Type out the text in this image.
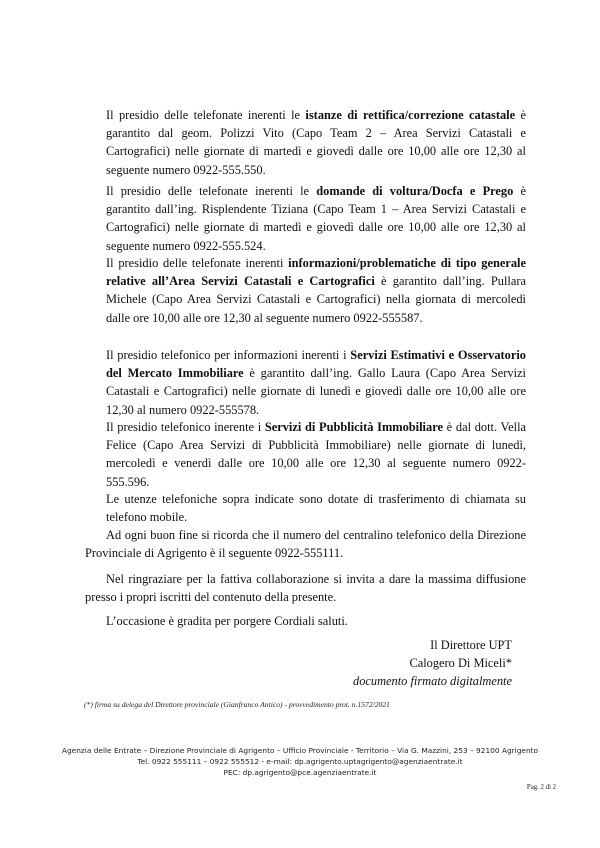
Il presidio delle telefonate inerenti le istanze di rettifica/correzione catastale è garantito dal geom. Polizzi Vito (Capo Team 2 – Area Servizi Catastali e Cartografici) nelle giornate di martedì e giovedì dalle ore 10,00 alle ore 12,30 al seguente numero 0922-555.550.

Il presidio delle telefonate inerenti le domande di voltura/Docfa e Prego è garantito dall’ing. Risplendente Tiziana (Capo Team 1 – Area Servizi Catastali e Cartografici) nelle giornate di martedì e giovedì dalle ore 10,00 alle ore 12,30 al seguente numero 0922-555.524.

Il presidio delle telefonate inerenti informazioni/problematiche di tipo generale relative all’Area Servizi Catastali e Cartografici è garantito dall’ing. Pullara Michele (Capo Area Servizi Catastali e Cartografici) nella giornata di mercoledì dalle ore 10,00 alle ore 12,30 al seguente numero 0922-555587.

Il presidio telefonico per informazioni inerenti i Servizi Estimativi e Osservatorio del Mercato Immobiliare è garantito dall’ing. Gallo Laura (Capo Area Servizi Catastali e Cartografici) nelle giornate di lunedì e giovedì dalle ore 10,00 alle ore 12,30 al numero 0922-555578.

Il presidio telefonico inerente i Servizi di Pubblicità Immobiliare è dal dott. Vella Felice (Capo Area Servizi di Pubblicità Immobiliare) nelle giornate di lunedì, mercoledì e venerdì dalle ore 10,00 alle ore 12,30 al seguente numero 0922-555.596.

Le utenze telefoniche sopra indicate sono dotate di trasferimento di chiamata su telefono mobile.

Ad ogni buon fine si ricorda che il numero del centralino telefonico della Direzione Provinciale di Agrigento è il seguente 0922-555111.

Nel ringraziare per la fattiva collaborazione si invita a dare la massima diffusione presso i propri iscritti del contenuto della presente.

L’occasione è gradita per porgere Cordiali saluti.

Il Direttore UPT
Calogero Di Miceli*
documento firmato digitalmente
(*) firma su delega del Direttore provinciale (Gianfranco Antico) - provvedimento prot. n.1572/2021
Agenzia delle Entrate – Direzione Provinciale di Agrigento – Ufficio Provinciale - Territorio – Via G. Mazzini, 253 – 92100 Agrigento
Tel. 0922 555111 – 0922 555512 - e-mail: dp.agrigento.uptagrigento@agenziaentrate.it
PEC: dp.agrigento@pce.agenziaentrate.it
Pag. 2 di 2
